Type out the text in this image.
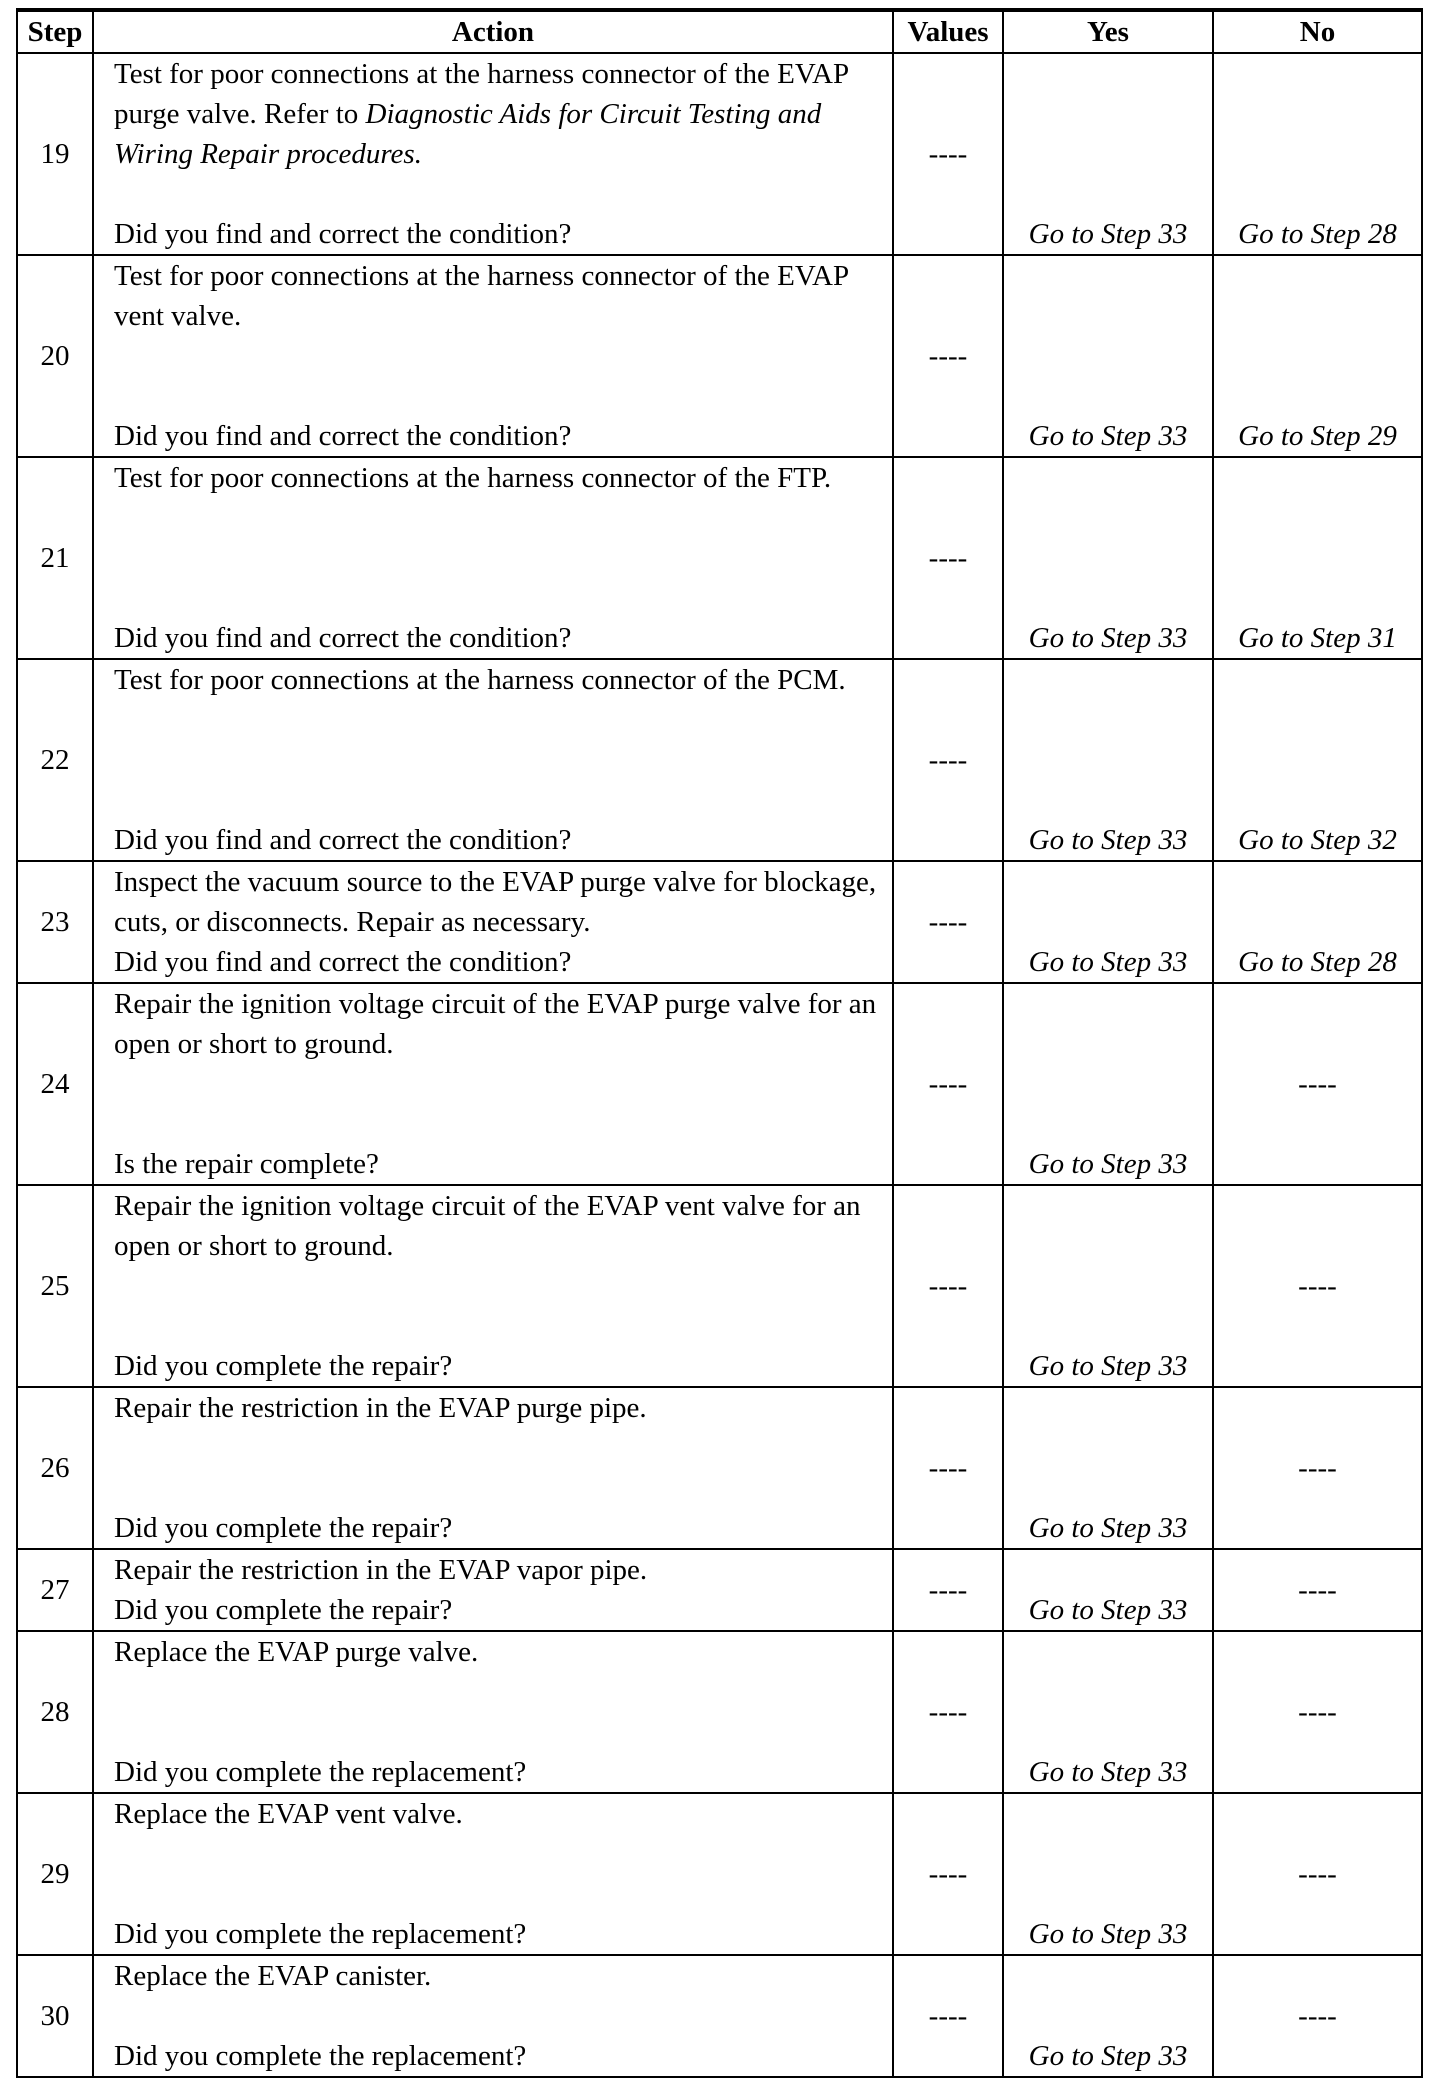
Step	Action	Values	Yes	No
19	Test for poor connections at the harness connector of the EVAP purge valve. Refer to Diagnostic Aids for Circuit Testing and Wiring Repair procedures.

Did you find and correct the condition?	----	Go to Step 33	Go to Step 28

20	Test for poor connections at the harness connector of the EVAP vent valve.

Did you find and correct the condition?	----	Go to Step 33	Go to Step 29

21	Test for poor connections at the harness connector of the FTP.

Did you find and correct the condition?	----	Go to Step 33	Go to Step 31

22	Test for poor connections at the harness connector of the PCM.

Did you find and correct the condition?	----	Go to Step 33	Go to Step 32

23	Inspect the vacuum source to the EVAP purge valve for blockage, cuts, or disconnects. Repair as necessary.

Did you find and correct the condition?	----	Go to Step 33	Go to Step 28

24	Repair the ignition voltage circuit of the EVAP purge valve for an open or short to ground.

Is the repair complete?	----	Go to Step 33	----
25	Repair the ignition voltage circuit of the EVAP vent valve for an open or short to ground.

Did you complete the repair?	----	Go to Step 33	----
26	Repair the restriction in the EVAP purge pipe.

Did you complete the repair?	----	Go to Step 33	----
27	Repair the restriction in the EVAP vapor pipe.

Did you complete the repair?	----	Go to Step 33	----
28	Replace the EVAP purge valve.

Did you complete the replacement?	----	Go to Step 33	----
29	Replace the EVAP vent valve.

Did you complete the replacement?	----	Go to Step 33	----
30	Replace the EVAP canister.

Did you complete the replacement?	----	Go to Step 33	----
